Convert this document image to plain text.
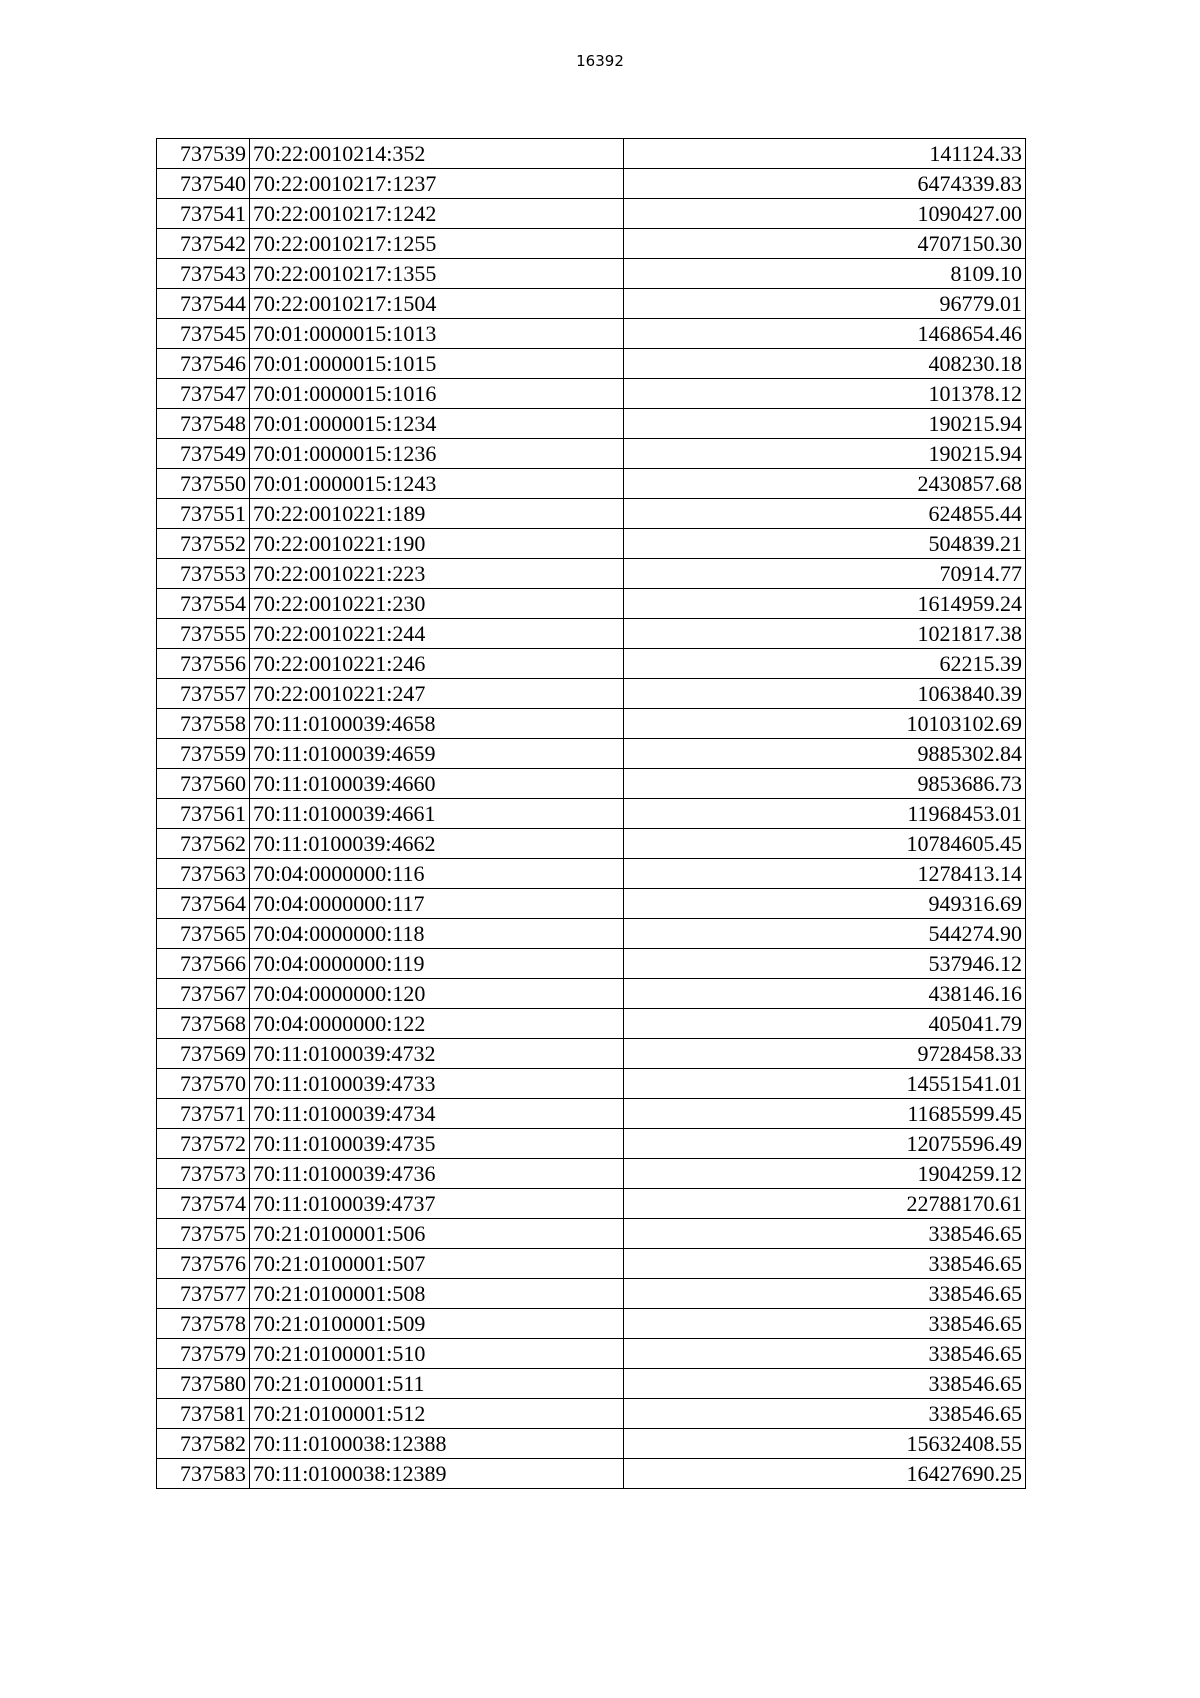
16392
737539	70:22:0010214:352	141124.33
737540	70:22:0010217:1237	6474339.83
737541	70:22:0010217:1242	1090427.00
737542	70:22:0010217:1255	4707150.30
737543	70:22:0010217:1355	8109.10
737544	70:22:0010217:1504	96779.01
737545	70:01:0000015:1013	1468654.46
737546	70:01:0000015:1015	408230.18
737547	70:01:0000015:1016	101378.12
737548	70:01:0000015:1234	190215.94
737549	70:01:0000015:1236	190215.94
737550	70:01:0000015:1243	2430857.68
737551	70:22:0010221:189	624855.44
737552	70:22:0010221:190	504839.21
737553	70:22:0010221:223	70914.77
737554	70:22:0010221:230	1614959.24
737555	70:22:0010221:244	1021817.38
737556	70:22:0010221:246	62215.39
737557	70:22:0010221:247	1063840.39
737558	70:11:0100039:4658	10103102.69
737559	70:11:0100039:4659	9885302.84
737560	70:11:0100039:4660	9853686.73
737561	70:11:0100039:4661	11968453.01
737562	70:11:0100039:4662	10784605.45
737563	70:04:0000000:116	1278413.14
737564	70:04:0000000:117	949316.69
737565	70:04:0000000:118	544274.90
737566	70:04:0000000:119	537946.12
737567	70:04:0000000:120	438146.16
737568	70:04:0000000:122	405041.79
737569	70:11:0100039:4732	9728458.33
737570	70:11:0100039:4733	14551541.01
737571	70:11:0100039:4734	11685599.45
737572	70:11:0100039:4735	12075596.49
737573	70:11:0100039:4736	1904259.12
737574	70:11:0100039:4737	22788170.61
737575	70:21:0100001:506	338546.65
737576	70:21:0100001:507	338546.65
737577	70:21:0100001:508	338546.65
737578	70:21:0100001:509	338546.65
737579	70:21:0100001:510	338546.65
737580	70:21:0100001:511	338546.65
737581	70:21:0100001:512	338546.65
737582	70:11:0100038:12388	15632408.55
737583	70:11:0100038:12389	16427690.25
